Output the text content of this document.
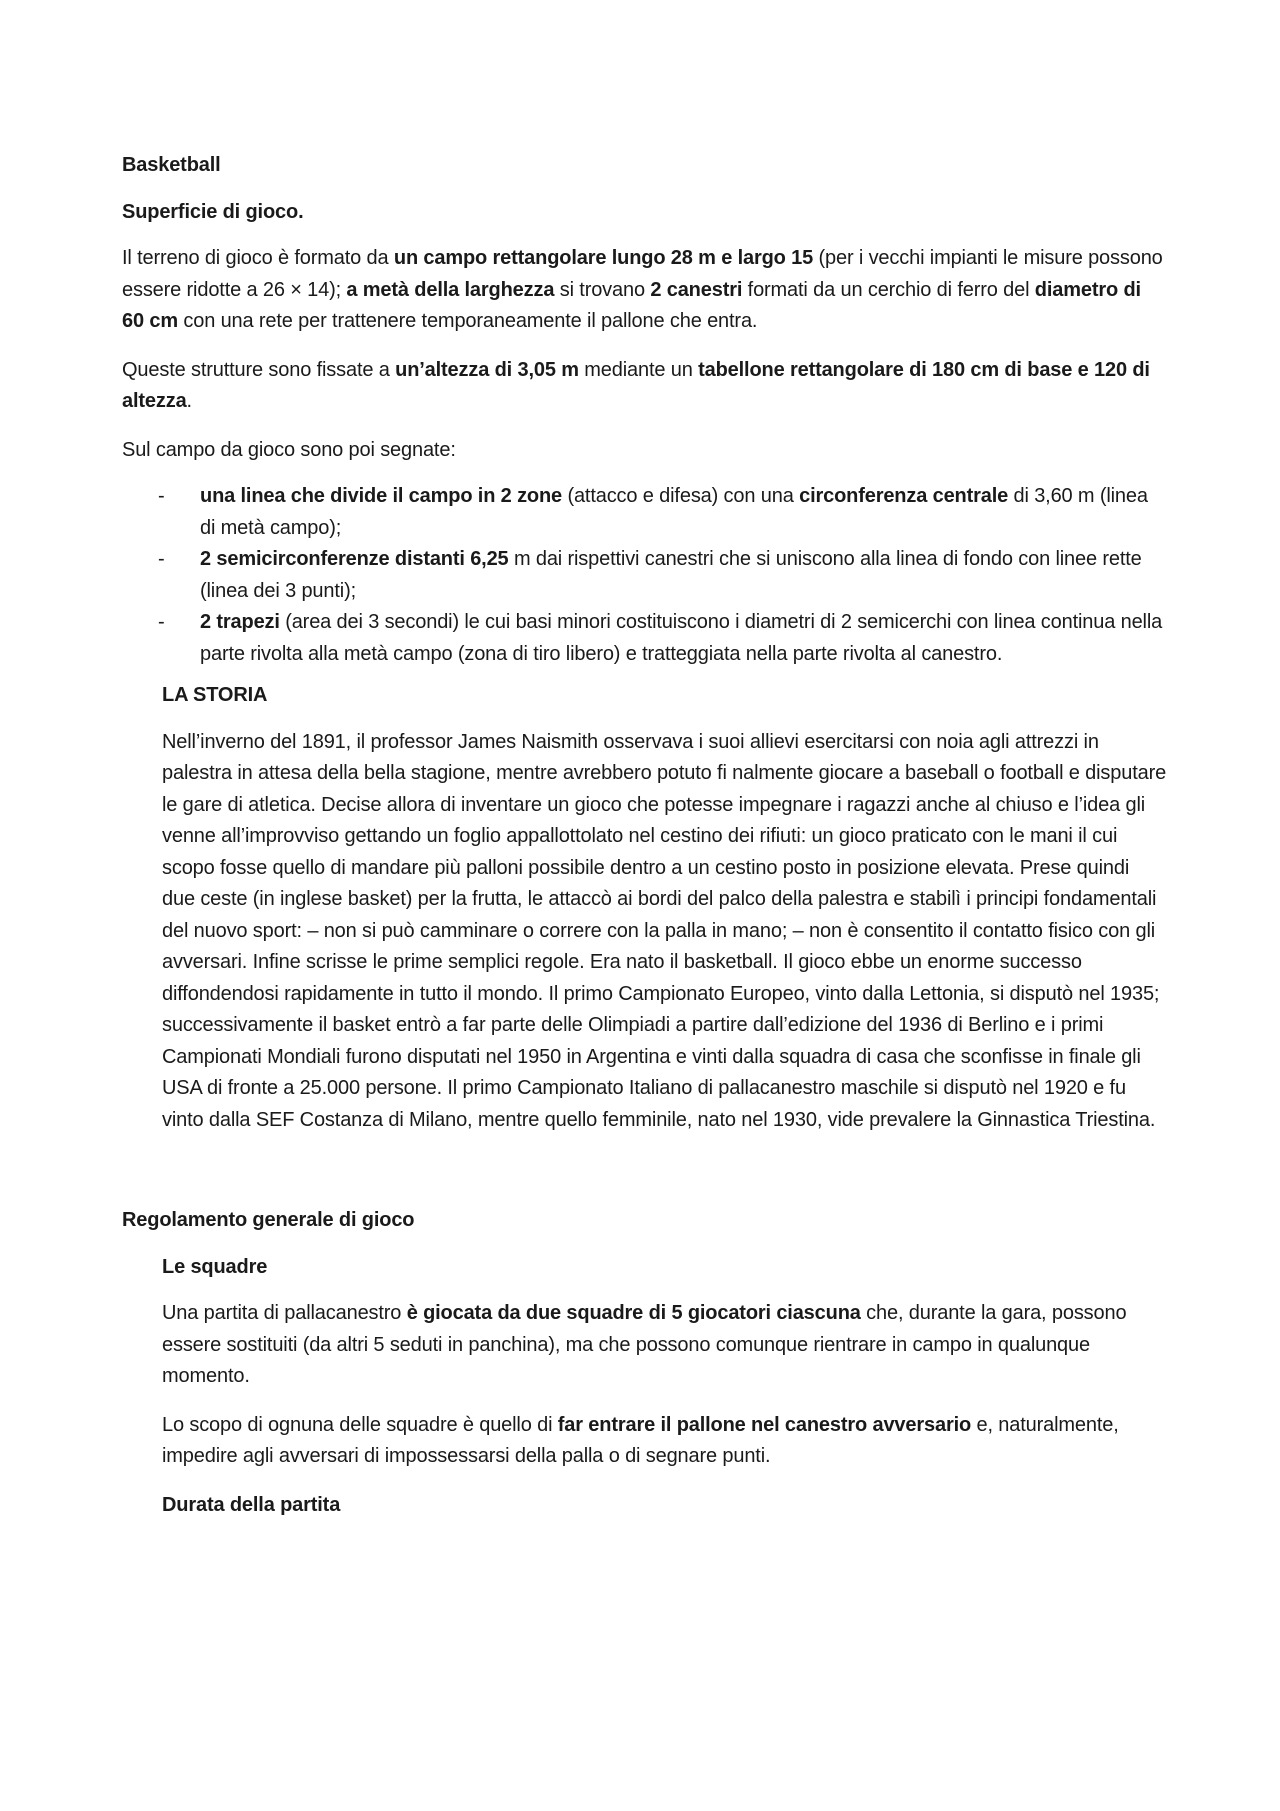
Basketball

Superficie di gioco.

Il terreno di gioco è formato da un campo rettangolare lungo 28 m e largo 15 (per i vecchi impianti le misure possono essere ridotte a 26 × 14); a metà della larghezza si trovano 2 canestri formati da un cerchio di ferro del diametro di 60 cm con una rete per trattenere temporaneamente il pallone che entra.

Queste strutture sono fissate a un’altezza di 3,05 m mediante un tabellone rettangolare di 180 cm di base e 120 di altezza.

Sul campo da gioco sono poi segnate:

- una linea che divide il campo in 2 zone (attacco e difesa) con una circonferenza centrale di 3,60 m (linea di metà campo);
- 2 semicirconferenze distanti 6,25 m dai rispettivi canestri che si uniscono alla linea di fondo con linee rette (linea dei 3 punti);
- 2 trapezi (area dei 3 secondi) le cui basi minori costituiscono i diametri di 2 semicerchi con linea continua nella parte rivolta alla metà campo (zona di tiro libero) e tratteggiata nella parte rivolta al canestro.

LA STORIA

Nell’inverno del 1891, il professor James Naismith osservava i suoi allievi esercitarsi con noia agli attrezzi in palestra in attesa della bella stagione, mentre avrebbero potuto fi nalmente giocare a baseball o football e disputare le gare di atletica. Decise allora di inventare un gioco che potesse impegnare i ragazzi anche al chiuso e l’idea gli venne all’improvviso gettando un foglio appallottolato nel cestino dei rifiuti: un gioco praticato con le mani il cui scopo fosse quello di mandare più palloni possibile dentro a un cestino posto in posizione elevata. Prese quindi due ceste (in inglese basket) per la frutta, le attaccò ai bordi del palco della palestra e stabilì i principi fondamentali del nuovo sport: – non si può camminare o correre con la palla in mano; – non è consentito il contatto fisico con gli avversari. Infine scrisse le prime semplici regole. Era nato il basketball. Il gioco ebbe un enorme successo diffondendosi rapidamente in tutto il mondo. Il primo Campionato Europeo, vinto dalla Lettonia, si disputò nel 1935; successivamente il basket entrò a far parte delle Olimpiadi a partire dall’edizione del 1936 di Berlino e i primi Campionati Mondiali furono disputati nel 1950 in Argentina e vinti dalla squadra di casa che sconfisse in finale gli USA di fronte a 25.000 persone. Il primo Campionato Italiano di pallacanestro maschile si disputò nel 1920 e fu vinto dalla SEF Costanza di Milano, mentre quello femminile, nato nel 1930, vide prevalere la Ginnastica Triestina.

Regolamento generale di gioco

Le squadre

Una partita di pallacanestro è giocata da due squadre di 5 giocatori ciascuna che, durante la gara, possono essere sostituiti (da altri 5 seduti in panchina), ma che possono comunque rientrare in campo in qualunque momento.

Lo scopo di ognuna delle squadre è quello di far entrare il pallone nel canestro avversario e, naturalmente, impedire agli avversari di impossessarsi della palla o di segnare punti.

Durata della partita
